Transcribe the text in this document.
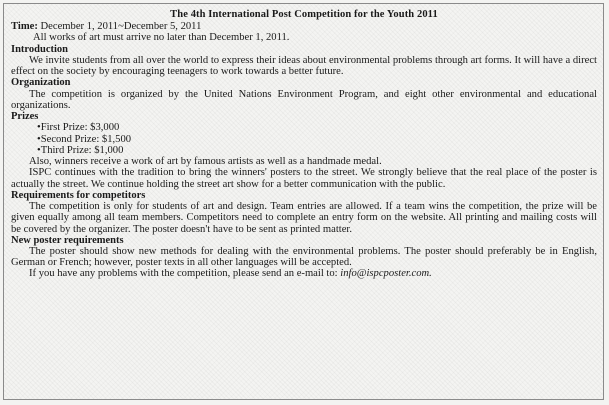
The 4th International Post Competition for the Youth 2011
Time: December 1, 2011~December 5, 2011
All works of art must arrive no later than December 1, 2011.
Introduction

We invite students from all over the world to express their ideas about environmental problems through art forms. It will have a direct effect on the society by encouraging teenagers to work towards a better future.

Organization

The competition is organized by the United Nations Environment Program, and eight other environmental and educational organizations.

Prizes
• First Prize: $3,000
• Second Prize: $1,500
• Third Prize: $1,000

Also, winners receive a work of art by famous artists as well as a handmade medal.

ISPC continues with the tradition to bring the winners' posters to the street. We strongly believe that the real place of the poster is actually the street. We continue holding the street art show for a better communication with the public.

Requirements for competitors

The competition is only for students of art and design. Team entries are allowed. If a team wins the competition, the prize will be given equally among all team members. Competitors need to complete an entry form on the website. All printing and mailing costs will be covered by the organizer. The poster doesn't have to be sent as printed matter.

New poster requirements

The poster should show new methods for dealing with the environmental problems. The poster should preferably be in English, German or French; however, poster texts in all other languages will be accepted.

If you have any problems with the competition, please send an e-mail to: info@ispcposter.com.
